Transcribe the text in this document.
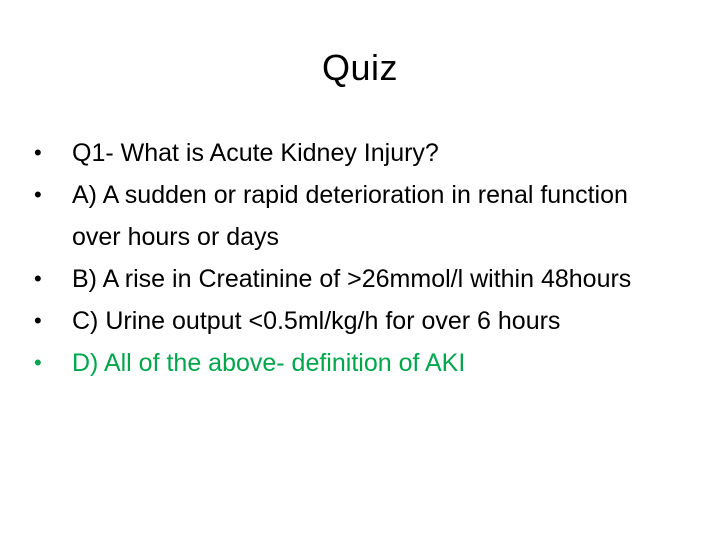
Quiz
• Q1- What is Acute Kidney Injury?
• A) A sudden or rapid deterioration in renal function over hours or days
• B) A rise in Creatinine of >26mmol/l within 48hours
• C) Urine output <0.5ml/kg/h for over 6 hours
• D) All of the above- definition of AKI
